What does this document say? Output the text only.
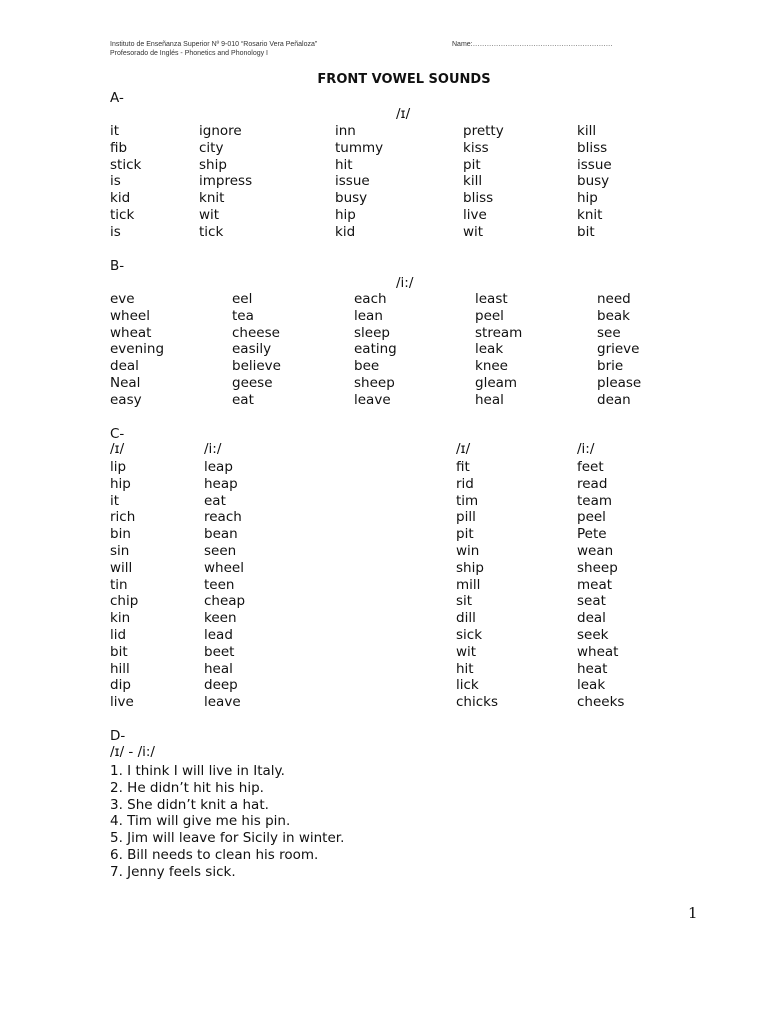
Instituto de Enseñanza Superior Nº 9-010 “Rosario Vera Peñaloza”
Profesorado de Inglés - Phonetics and Phonology I
Name:……………………………………………………
FRONT VOWEL SOUNDS
A-
/ɪ/
it	ignore	inn	pretty	kill
fib	city	tummy	kiss	bliss
stick	ship	hit	pit	issue
is	impress	issue	kill	busy
kid	knit	busy	bliss	hip
tick	wit	hip	live	knit
is	tick	kid	wit	bit
B-
/i:/
eve	eel	each	least	need
wheel	tea	lean	peel	beak
wheat	cheese	sleep	stream	see
evening	easily	eating	leak	grieve
deal	believe	bee	knee	brie
Neal	geese	sheep	gleam	please
easy	eat	leave	heal	dean
C-
/ɪ/	/i:/	/ɪ/	/i:/
lip	leap	fit	feet
hip	heap	rid	read
it	eat	tim	team
rich	reach	pill	peel
bin	bean	pit	Pete
sin	seen	win	wean
will	wheel	ship	sheep
tin	teen	mill	meat
chip	cheap	sit	seat
kin	keen	dill	deal
lid	lead	sick	seek
bit	beet	wit	wheat
hill	heal	hit	heat
dip	deep	lick	leak
live	leave	chicks	cheeks
D-
/ɪ/ - /i:/
1. I think I will live in Italy.
2. He didn’t hit his hip.
3. She didn’t knit a hat.
4. Tim will give me his pin.
5. Jim will leave for Sicily in winter.
6. Bill needs to clean his room.
7. Jenny feels sick.
1
